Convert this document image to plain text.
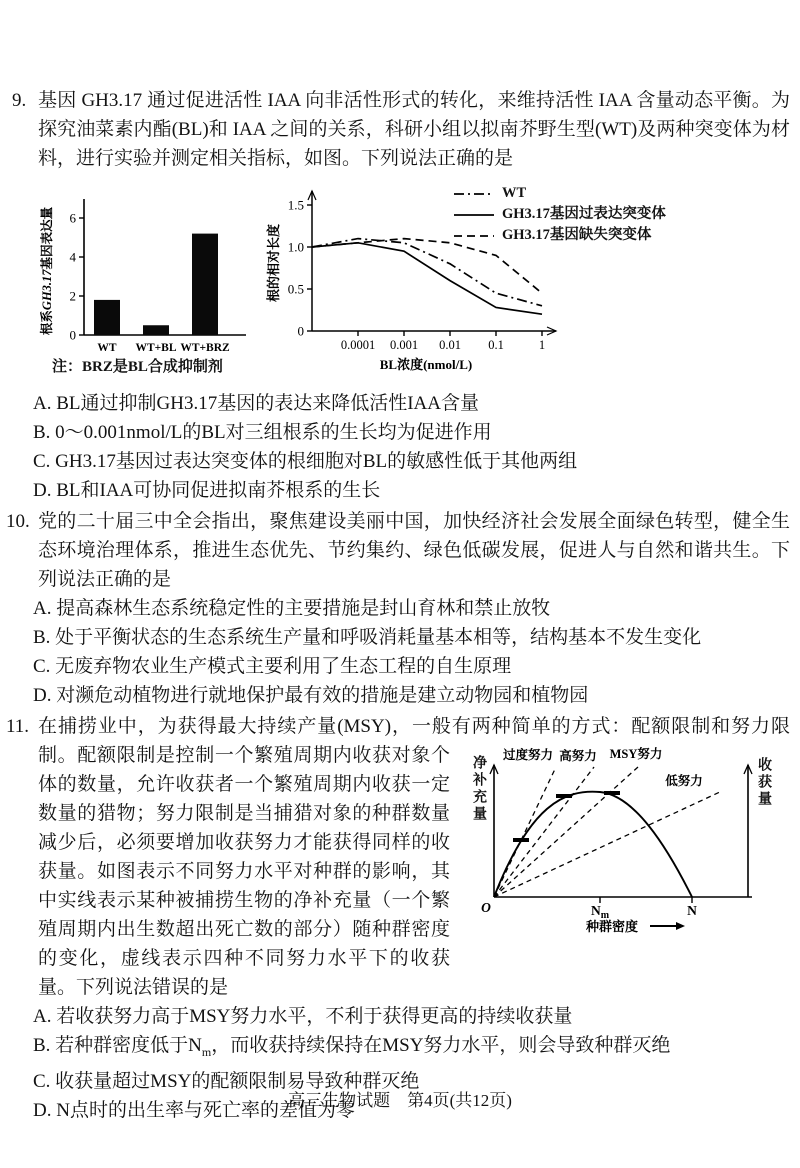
9. 基因 GH3.17 通过促进活性 IAA 向非活性形式的转化，来维持活性 IAA 含量动态平衡。为探究油菜素内酯(BL)和 IAA 之间的关系，科研小组以拟南芥野生型(WT)及两种突变体为材料，进行实验并测定相关指标，如图。下列说法正确的是
根系GH3.17基因表达量
0
2
4
6
WT WT+BL WT+BRZ
注：BRZ是BL合成抑制剂
根的相对长度
BL浓度(nmol/L)
0
0.5
1.0
1.5
0.0001 0.001 0.01 0.1	1
WT
GH3.17基因过表达突变体
GH3.17基因缺失突变体
A. BL通过抑制GH3.17基因的表达来降低活性IAA含量
B. 0～0.001nmol/L的BL对三组根系的生长均为促进作用
C. GH3.17基因过表达突变体的根细胞对BL的敏感性低于其他两组
D. BL和IAA可协同促进拟南芥根系的生长
10. 党的二十届三中全会指出，聚焦建设美丽中国，加快经济社会发展全面绿色转型，健全生态环境治理体系，推进生态优先、节约集约、绿色低碳发展，促进人与自然和谐共生。下列说法正确的是
A. 提高森林生态系统稳定性的主要措施是封山育林和禁止放牧
B. 处于平衡状态的生态系统生产量和呼吸消耗量基本相等，结构基本不发生变化
C. 无废弃物农业生产模式主要利用了生态工程的自生原理
D. 对濒危动植物进行就地保护最有效的措施是建立动物园和植物园
11. 在捕捞业中，为获得最大持续产量(MSY)，一般有两种简单的方式：配额限制和努力限制。	过度努力 高努力 MSY努力
低努力
O	$N_m$	N
种群密度
净补充量	收获量
配额限制是控制一个繁殖周期内收获对象个体的数量，允许收获者一个繁殖周期内收获一定数量的猎物；努力限制是当捕猎对象的种群数量减少后，必须要增加收获努力才能获得同样的收获量。如图表示不同努力水平对种群的影响，其中实线表示某种被捕捞生物的净补充量（一个繁殖周期内出生数超出死亡数的部分）随种群密度的变化，虚线表示四种不同努力水平下的收获量。下列说法错误的是
A. 若收获努力高于MSY努力水平，不利于获得更高的持续收获量
B. 若种群密度低于$N_m$，而收获持续保持在MSY努力水平，则会导致种群灭绝
C. 收获量超过MSY的配额限制易导致种群灭绝
D. N点时的出生率与死亡率的差值为零
高三生物试题　第4页(共12页)
